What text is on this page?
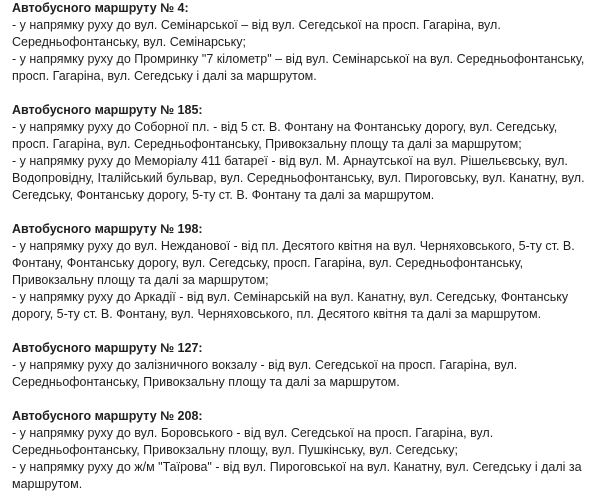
Автобусного маршруту № 4:

- у напрямку руху до вул. Семінарської – від вул. Сегедської на просп. Гагаріна, вул. Середньофонтанську, вул. Семінарську;

- у напрямку руху до Промринку "7 кілометр" – від вул. Семінарської на вул. Середньофонтанську, просп. Гагаріна, вул. Сегедську і далі за маршрутом.

Автобусного маршруту № 185:

- у напрямку руху до Соборної пл. - від 5 ст. В. Фонтану на Фонтанську дорогу, вул. Сегедську, просп. Гагаріна, вул. Середньофонтанську, Привокзальну площу та далі за маршрутом;

- у напрямку руху до Меморіалу 411 батареї - від вул. М. Арнаутської на вул. Рішельєвську, вул. Водопровідну, Італійський бульвар, вул. Середньофонтанську, вул. Пироговську, вул. Канатну, вул. Сегедську, Фонтанську дорогу, 5-ту ст. В. Фонтану та далі за маршрутом.

Автобусного маршруту № 198:

- у напрямку руху до вул. Нежданової - від пл. Десятого квітня на вул. Черняховського, 5-ту ст. В. Фонтану, Фонтанську дорогу, вул. Сегедську, просп. Гагаріна, вул. Середньофонтанську, Привокзальну площу та далі за маршрутом;

- у напрямку руху до Аркадії - від вул. Семінарській на вул. Канатну, вул. Сегедську, Фонтанську дорогу, 5-ту ст. В. Фонтану, вул. Черняховського, пл. Десятого квітня та далі за маршрутом.

Автобусного маршруту № 127:

- у напрямку руху до залізничного вокзалу - від вул. Сегедської на просп. Гагаріна, вул. Середньофонтанську, Привокзальну площу та далі за маршрутом.

Автобусного маршруту № 208:

- у напрямку руху до вул. Боровського - від вул. Сегедської на просп. Гагаріна, вул. Середньофонтанську, Привокзальну площу, вул. Пушкінську, вул. Сегедську;

- у напрямку руху до ж/м "Таїрова" - від вул. Пироговської на вул. Канатну, вул. Сегедську і далі за маршрутом.
